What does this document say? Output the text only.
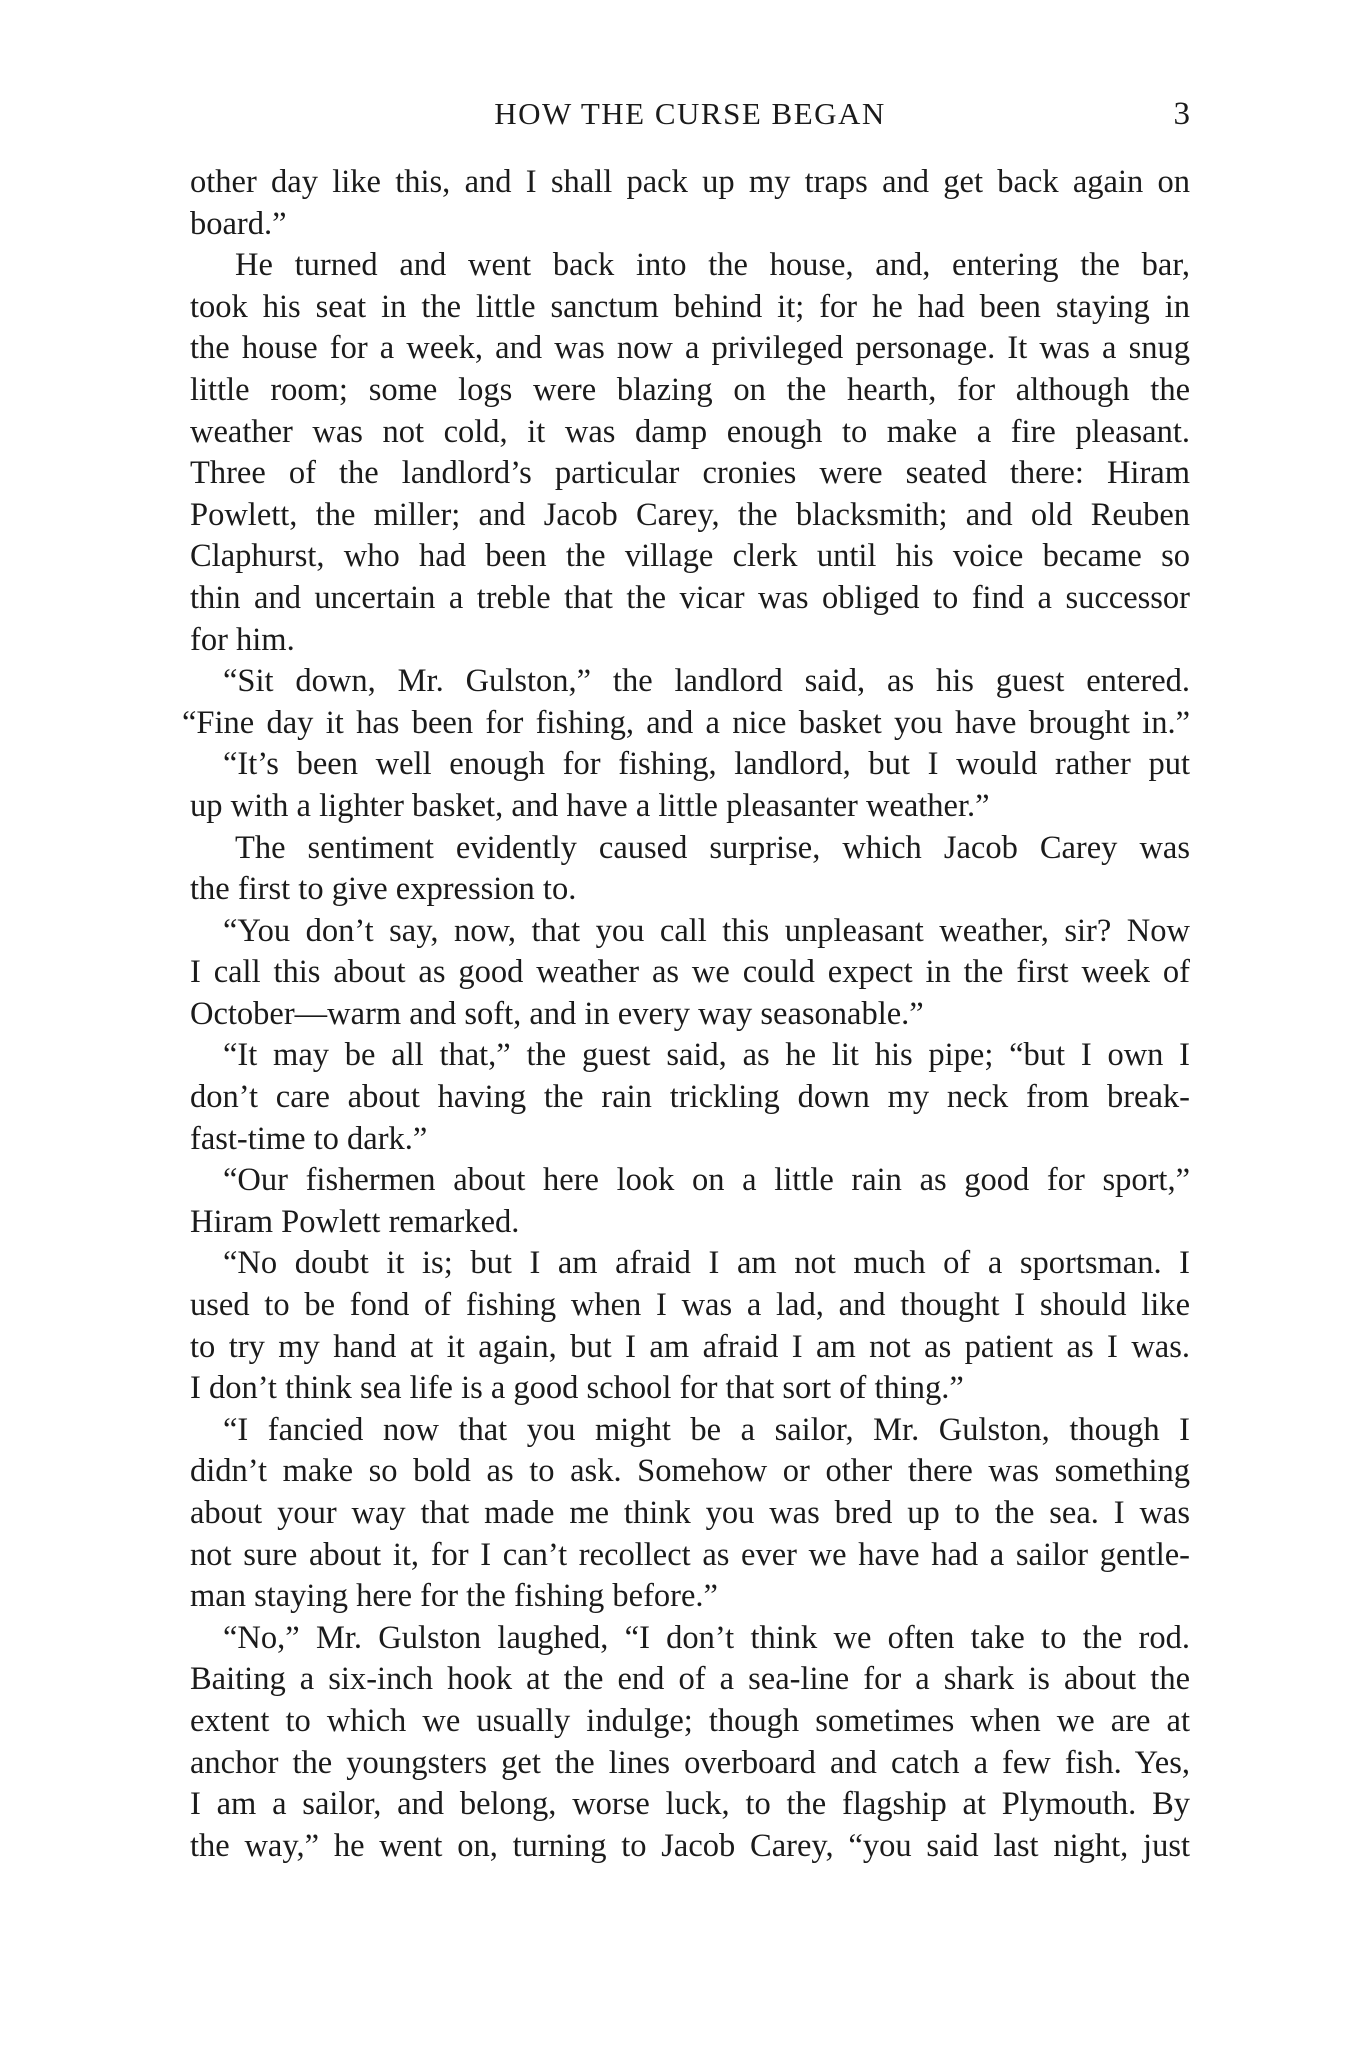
HOW THE CURSE BEGAN	3
other day like this, and I shall pack up my traps and get back again on
board.”
He turned and went back into the house, and, entering the bar,
took his seat in the little sanctum behind it; for he had been staying in
the house for a week, and was now a privileged personage. It was a snug
little room; some logs were blazing on the hearth, for although the
weather was not cold, it was damp enough to make a fire pleasant.
Three of the landlord’s particular cronies were seated there: Hiram
Powlett, the miller; and Jacob Carey, the blacksmith; and old Reuben
Claphurst, who had been the village clerk until his voice became so
thin and uncertain a treble that the vicar was obliged to find a successor
for him.
“Sit down, Mr. Gulston,” the landlord said, as his guest entered.
“Fine day it has been for fishing, and a nice basket you have brought in.”
“It’s been well enough for fishing, landlord, but I would rather put
up with a lighter basket, and have a little pleasanter weather.”
The sentiment evidently caused surprise, which Jacob Carey was
the first to give expression to.
“You don’t say, now, that you call this unpleasant weather, sir? Now
I call this about as good weather as we could expect in the first week of
October—warm and soft, and in every way seasonable.”
“It may be all that,” the guest said, as he lit his pipe; “but I own I
don’t care about having the rain trickling down my neck from break-
fast-time to dark.”
“Our fishermen about here look on a little rain as good for sport,”
Hiram Powlett remarked.
“No doubt it is; but I am afraid I am not much of a sportsman. I
used to be fond of fishing when I was a lad, and thought I should like
to try my hand at it again, but I am afraid I am not as patient as I was.
I don’t think sea life is a good school for that sort of thing.”
“I fancied now that you might be a sailor, Mr. Gulston, though I
didn’t make so bold as to ask. Somehow or other there was something
about your way that made me think you was bred up to the sea. I was
not sure about it, for I can’t recollect as ever we have had a sailor gentle-
man staying here for the fishing before.”
“No,” Mr. Gulston laughed, “I don’t think we often take to the rod.
Baiting a six-inch hook at the end of a sea-line for a shark is about the
extent to which we usually indulge; though sometimes when we are at
anchor the youngsters get the lines overboard and catch a few fish. Yes,
I am a sailor, and belong, worse luck, to the flagship at Plymouth. By
the way,” he went on, turning to Jacob Carey, “you said last night, just
